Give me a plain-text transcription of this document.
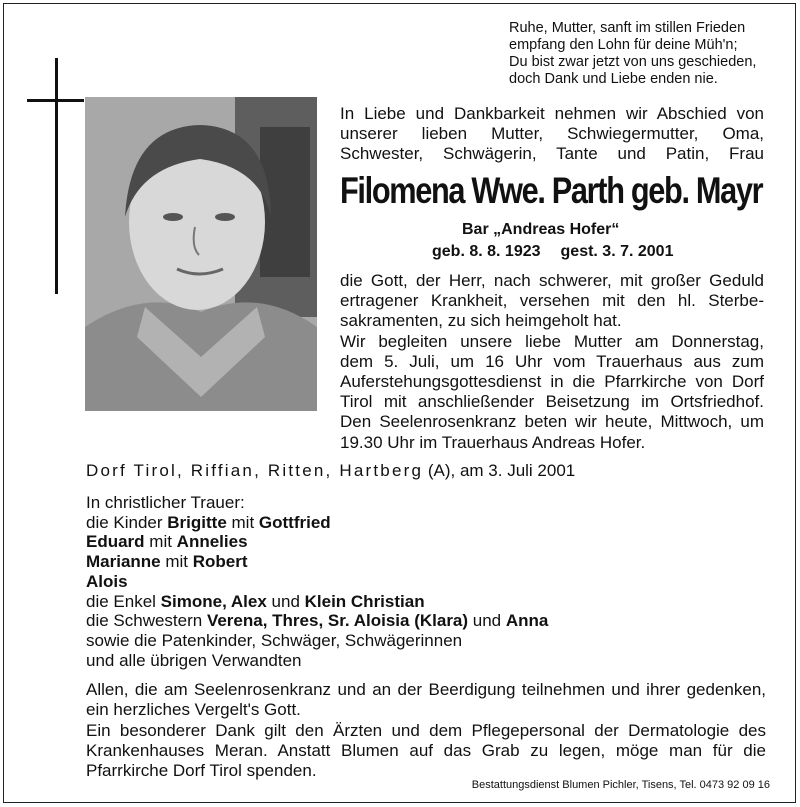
Ruhe, Mutter, sanft im stillen Frieden
empfang den Lohn für deine Müh'n;
Du bist zwar jetzt von uns geschieden,
doch Dank und Liebe enden nie.
In Liebe und Dankbarkeit nehmen wir Abschied von
unserer lieben Mutter, Schwiegermutter, Oma,
Schwester, Schwägerin, Tante und Patin, Frau
Filomena Wwe. Parth geb. Mayr
Bar „Andreas Hofer“
geb. 8. 8. 1923 gest. 3. 7. 2001
die Gott, der Herr, nach schwerer, mit großer Geduld
ertragener Krankheit, versehen mit den hl. Sterbe-
sakramenten, zu sich heimgeholt hat.
Wir begleiten unsere liebe Mutter am Donnerstag,
dem 5. Juli, um 16 Uhr vom Trauerhaus aus zum
Auferstehungsgottesdienst in die Pfarrkirche von Dorf
Tirol mit anschließender Beisetzung im Ortsfriedhof.
Den Seelenrosenkranz beten wir heute, Mittwoch, um
19.30 Uhr im Trauerhaus Andreas Hofer.
Dorf Tirol, Riffian, Ritten, Hartberg (A), am 3. Juli 2001
In christlicher Trauer:
die Kinder Brigitte mit Gottfried
Eduard mit Annelies
Marianne mit Robert
Alois
die Enkel Simone, Alex und Klein Christian
die Schwestern Verena, Thres, Sr. Aloisia (Klara) und Anna
sowie die Patenkinder, Schwäger, Schwägerinnen
und alle übrigen Verwandten
Allen, die am Seelenrosenkranz und an der Beerdigung teilnehmen und ihrer gedenken,
ein herzliches Vergelt's Gott.
Ein besonderer Dank gilt den Ärzten und dem Pflegepersonal der Dermatologie des
Krankenhauses Meran. Anstatt Blumen auf das Grab zu legen, möge man für die
Pfarrkirche Dorf Tirol spenden.
Bestattungsdienst Blumen Pichler, Tisens, Tel. 0473 92 09 16
